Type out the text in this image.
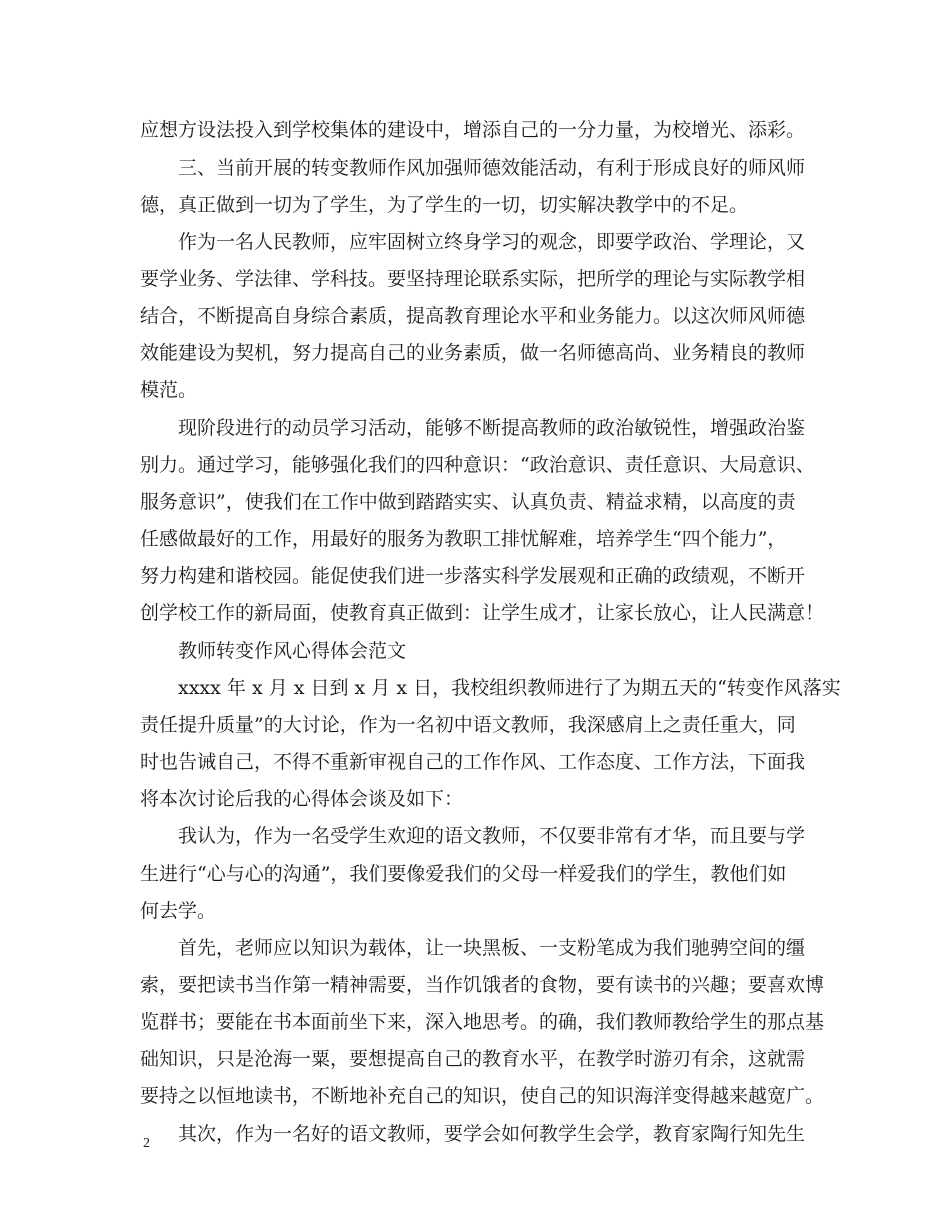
应想方设法投入到学校集体的建设中，增添自己的一分力量，为校增光、添彩。
三、当前开展的转变教师作风加强师德效能活动，有利于形成良好的师风师
德，真正做到一切为了学生，为了学生的一切，切实解决教学中的不足。
作为一名人民教师，应牢固树立终身学习的观念，即要学政治、学理论，又
要学业务、学法律、学科技。要坚持理论联系实际，把所学的理论与实际教学相
结合，不断提高自身综合素质，提高教育理论水平和业务能力。以这次师风师德
效能建设为契机，努力提高自己的业务素质，做一名师德高尚、业务精良的教师
模范。
现阶段进行的动员学习活动，能够不断提高教师的政治敏锐性，增强政治鉴
别力。通过学习，能够强化我们的四种意识：“政治意识、责任意识、大局意识、
服务意识”，使我们在工作中做到踏踏实实、认真负责、精益求精，以高度的责
任感做最好的工作，用最好的服务为教职工排忧解难，培养学生“四个能力”，
努力构建和谐校园。能促使我们进一步落实科学发展观和正确的政绩观，不断开
创学校工作的新局面，使教育真正做到：让学生成才，让家长放心，让人民满意！
教师转变作风心得体会范文
xxxx 年 x 月 x 日到 x 月 x 日，我校组织教师进行了为期五天的“转变作风落实
责任提升质量”的大讨论，作为一名初中语文教师，我深感肩上之责任重大，同
时也告诫自己，不得不重新审视自己的工作作风、工作态度、工作方法，下面我
将本次讨论后我的心得体会谈及如下：
我认为，作为一名受学生欢迎的语文教师，不仅要非常有才华，而且要与学
生进行“心与心的沟通”，我们要像爱我们的父母一样爱我们的学生，教他们如
何去学。
首先，老师应以知识为载体，让一块黑板、一支粉笔成为我们驰骋空间的缰
索，要把读书当作第一精神需要，当作饥饿者的食物，要有读书的兴趣；要喜欢博
览群书；要能在书本面前坐下来，深入地思考。的确，我们教师教给学生的那点基
础知识，只是沧海一粟，要想提高自己的教育水平，在教学时游刃有余，这就需
要持之以恒地读书，不断地补充自己的知识，使自己的知识海洋变得越来越宽广。
其次，作为一名好的语文教师，要学会如何教学生会学，教育家陶行知先生
2
